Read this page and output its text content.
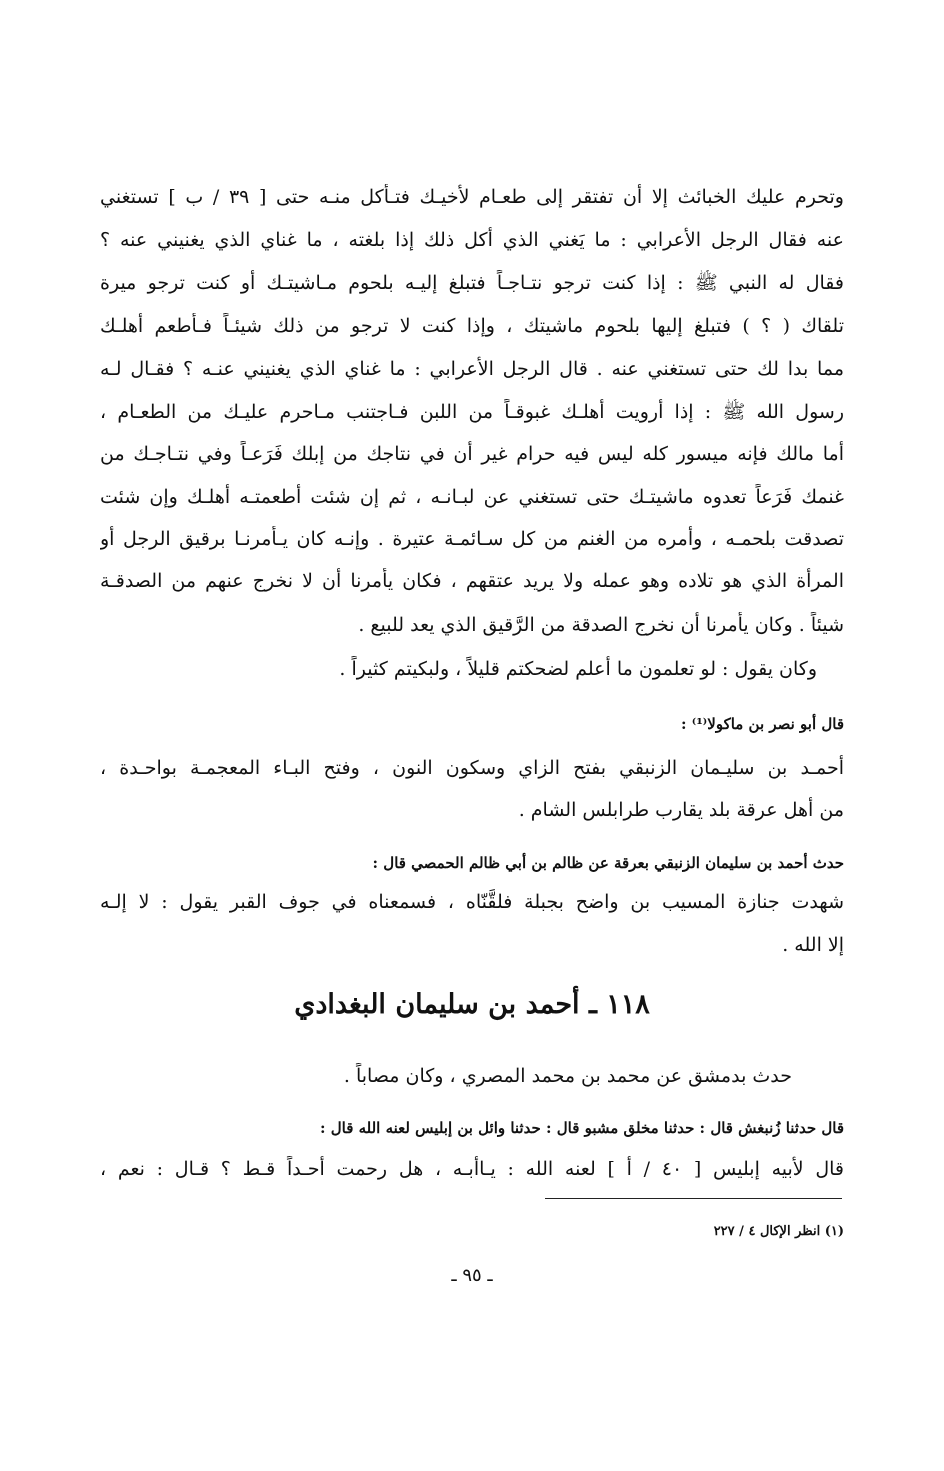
وتحرم عليك الخبائث إلا أن تفتقر إلى طعـام لأخيـك فتـأكل منـه حتى [ ٣٩ / ب ] تستغني
عنه فقال الرجل الأعرابي : ما يَغني الذي أكل ذلك إذا بلغته ، ما غناي الذي يغنيني عنه ؟
فقال له النبي ﷺ : إذا كنت ترجو نتـاجـاً فتبلغ إليـه بلحوم مـاشيتـك أو كنت ترجو ميرة
تلقاك ( ؟ ) فتبلغ إليها بلحوم ماشيتك ، وإذا كنت لا ترجو من ذلك شيئـاً فـأطعم أهلـك
مما بدا لك حتى تستغني عنه . قال الرجل الأعرابي : ما غناي الذي يغنيني عنـه ؟ فقـال لـه
رسول الله ﷺ : إذا أرويت أهلـك غبوقـاً من اللبن فـاجتنب مـاحرم عليـك من الطعـام ،
أما مالك فإنه ميسور كله ليس فيه حرام غير أن في نتاجك من إبلك فَرَعـاً وفي نتـاجـك من
غنمك فَرَعاً تعدوه ماشيتـك حتى تستغني عن لبـانـه ، ثم إن شئت أطعمتـه أهلـك وإن شئت
تصدقت بلحمـه ، وأمره من الغنم من كل سـائمـة عتيرة . وإنـه كان يـأمرنـا برقيق الرجل أو
المرأة الذي هو تلاده وهو عمله ولا يريد عتقهم ، فكان يأمرنا أن لا نخرج عنهم من الصدقـة
شيئاً . وكان يأمرنا أن نخرج الصدقة من الرَّقيق الذي يعد للبيع .
وكان يقول : لو تعلمون ما أعلم لضحكتم قليلاً ، ولبكيتم كثيراً .
قال أبو نصر بن ماكولا⁽¹⁾ :
أحمـد بن سليـمان الزنبقي بفتح الزاي وسكون النون ، وفتح البـاء المعجمـة بواحـدة ،
من أهل عرقة بلد يقارب طرابلس الشام .
حدث أحمد بن سليمان الزنبقي بعرقة عن ظالم بن أبي ظالم الحمصي قال :
شهدت جنازة المسيب بن واضح بجبلة فلقَّنّاه ، فسمعناه في جوف القبر يقول : لا إلـه
إلا الله .
١١٨ ـ أحمد بن سليمان البغدادي
حدث بدمشق عن محمد بن محمد المصري ، وكان مصاباً .
قال حدثنا زُنبغش قال : حدثنا مخلق مشبو قال : حدثنا وائل بن إبليس لعنه الله قال :
قال لأبيه إبليس [ ٤٠ / أ ] لعنه الله : يـاأبـه ، هل رحمت أحـداً قـط ؟ قـال : نعم ،
(١) انظر الإكال ٤ / ٢٢٧
ـ ٩٥ ـ
